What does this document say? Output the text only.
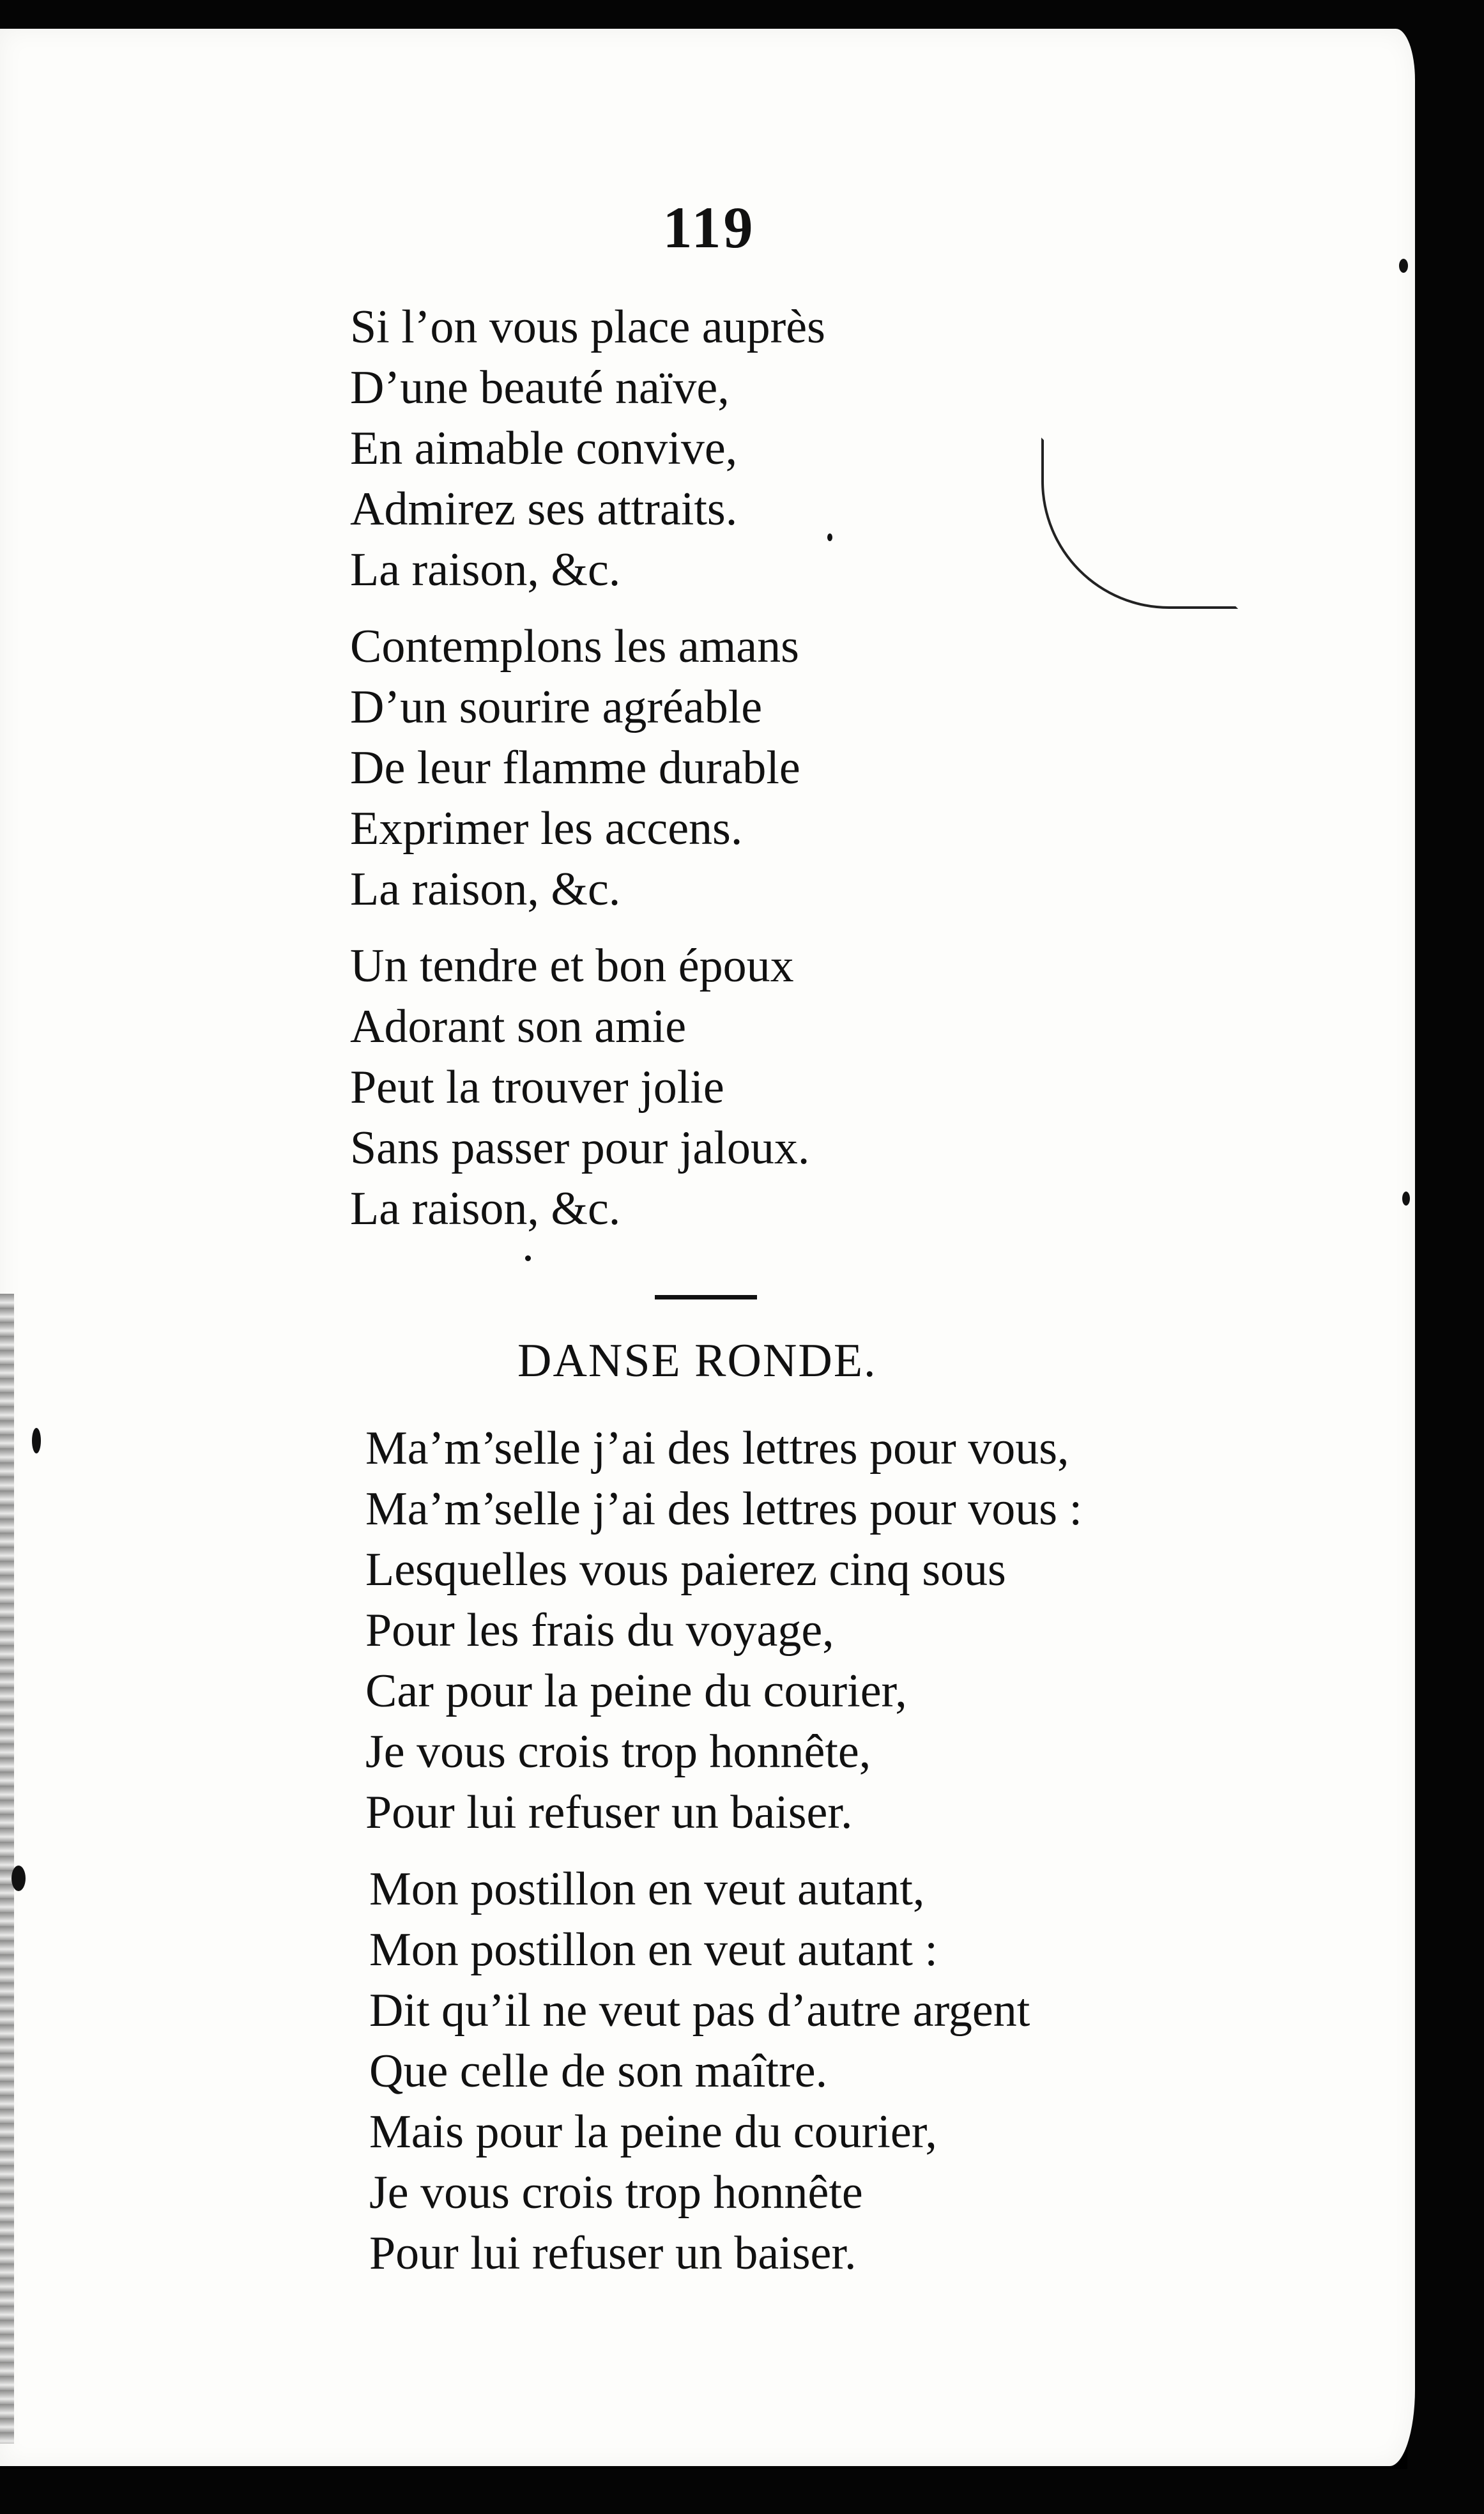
119
Si l’on vous place auprès
D’une beauté naïve,
En aimable convive,
Admirez ses attraits.
La raison, &c.
Contemplons les amans
D’un sourire agréable
De leur flamme durable
Exprimer les accens.
La raison, &c.
Un tendre et bon époux
Adorant son amie
Peut la trouver jolie
Sans passer pour jaloux.
La raison, &c.
DANSE RONDE.
Ma’m’selle j’ai des lettres pour vous,
Ma’m’selle j’ai des lettres pour vous :
Lesquelles vous paierez cinq sous
Pour les frais du voyage,
Car pour la peine du courier,
Je vous crois trop honnête,
Pour lui refuser un baiser.
Mon postillon en veut autant,
Mon postillon en veut autant :
Dit qu’il ne veut pas d’autre argent
Que celle de son maître.
Mais pour la peine du courier,
Je vous crois trop honnête
Pour lui refuser un baiser.
